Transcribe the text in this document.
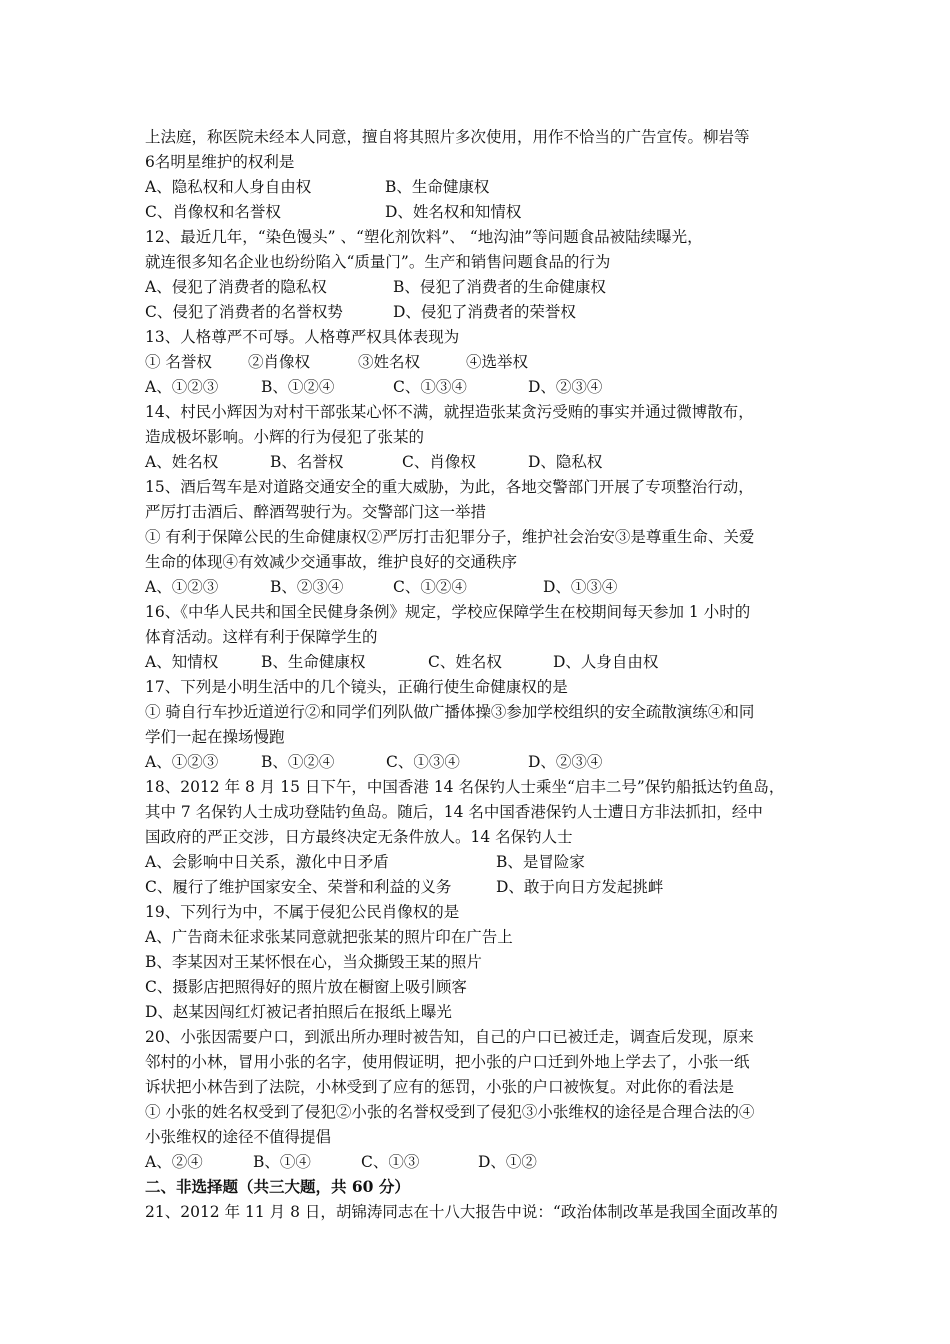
上法庭，称医院未经本人同意，擅自将其照片多次使用，用作不恰当的广告宣传。柳岩等
6名明星维护的权利是
A、隐私权和人身自由权	B、生命健康权
C、肖像权和名誉权	D、姓名权和知情权
12、最近几年，“染色馒头” 、“塑化剂饮料”、 “地沟油”等问题食品被陆续曝光，
就连很多知名企业也纷纷陷入“质量门”。生产和销售问题食品的行为
A、侵犯了消费者的隐私权	B、侵犯了消费者的生命健康权
C、侵犯了消费者的名誉权势	D、侵犯了消费者的荣誉权
13、人格尊严不可辱。人格尊严权具体表现为
① 名誉权 ②肖像权	③姓名权	④选举权
A、①②③	B、①②④	C、①③④	D、②③④
14、村民小辉因为对村干部张某心怀不满，就捏造张某贪污受贿的事实并通过微博散布，
造成极坏影响。小辉的行为侵犯了张某的
A、姓名权	B、名誉权	C、肖像权	D、隐私权
15、酒后驾车是对道路交通安全的重大威胁，为此，各地交警部门开展了专项整治行动，
严厉打击酒后、醉酒驾驶行为。交警部门这一举措
① 有利于保障公民的生命健康权②严厉打击犯罪分子，维护社会治安③是尊重生命、关爱
生命的体现④有效减少交通事故，维护良好的交通秩序
A、①②③	B、②③④	C、①②④	D、①③④
16、《中华人民共和国全民健身条例》规定，学校应保障学生在校期间每天参加 1 小时的
体育活动。这样有利于保障学生的
A、知情权	B、生命健康权	C、姓名权	D、人身自由权
17、下列是小明生活中的几个镜头，正确行使生命健康权的是
① 骑自行车抄近道逆行②和同学们列队做广播体操③参加学校组织的安全疏散演练④和同
学们一起在操场慢跑
A、①②③	B、①②④	C、①③④	D、②③④
18、2012 年 8 月 15 日下午，中国香港 14 名保钓人士乘坐“启丰二号”保钓船抵达钓鱼岛，
其中 7 名保钓人士成功登陆钓鱼岛。随后，14 名中国香港保钓人士遭日方非法抓扣，经中
国政府的严正交涉，日方最终决定无条件放人。14 名保钓人士
A、会影响中日关系，激化中日矛盾	B、是冒险家
C、履行了维护国家安全、荣誉和利益的义务	D、敢于向日方发起挑衅
19、下列行为中，不属于侵犯公民肖像权的是
A、广告商未征求张某同意就把张某的照片印在广告上
B、李某因对王某怀恨在心，当众撕毁王某的照片
C、摄影店把照得好的照片放在橱窗上吸引顾客
D、赵某因闯红灯被记者拍照后在报纸上曝光
20、小张因需要户口，到派出所办理时被告知，自己的户口已被迁走，调查后发现，原来
邻村的小林，冒用小张的名字，使用假证明，把小张的户口迁到外地上学去了，小张一纸
诉状把小林告到了法院，小林受到了应有的惩罚，小张的户口被恢复。对此你的看法是
① 小张的姓名权受到了侵犯②小张的名誉权受到了侵犯③小张维权的途径是合理合法的④
小张维权的途径不值得提倡
A、②④	B、①④	C、①③	D、①②
二、非选择题（共三大题，共 60 分）
21、2012 年 11 月 8 日，胡锦涛同志在十八大报告中说：“政治体制改革是我国全面改革的
